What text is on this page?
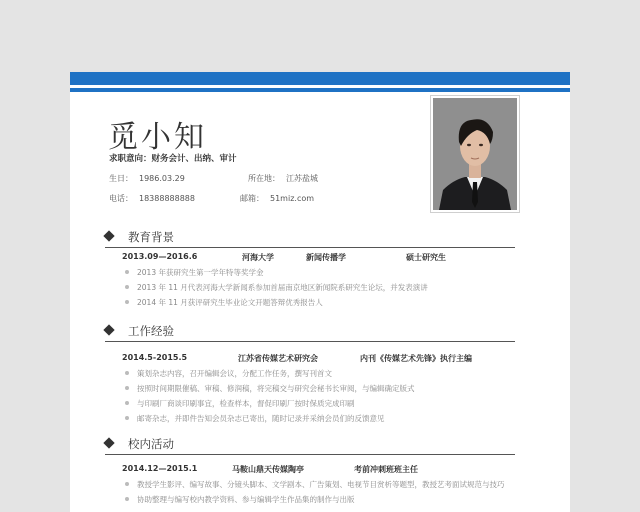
觅小知
求职意向：财务会计、出纳、审计
生日： 1986.03.29	所在地： 江苏盐城
电话： 18388888888	邮箱： 51miz.com
教育背景
2013.09—2016.6	河海大学	新闻传播学	硕士研究生
2013 年获研究生第一学年特等奖学金
2013 年 11 月代表河海大学新闻系参加首届南京地区新闻院系研究生论坛，并发表演讲
2014 年 11 月获评研究生毕业论文开题答辩优秀报告人
工作经验
2014.5-2015.5	江苏省传媒艺术研究会	内刊《传媒艺术先锋》执行主编
策划杂志内容，召开编辑会议，分配工作任务，撰写刊首文
按照时间期限催稿、审稿、修润稿，将完稿交与研究会秘书长审阅，与编辑确定版式
与印刷厂商谈印刷事宜，检查样本，督促印刷厂按时保质完成印刷
邮寄杂志，并即件告知会员杂志已寄出，随时记录并采纳会员们的反馈意见
校内活动
2014.12—2015.1	马鞍山鼎天传媒陶亭	考前冲刺班班主任
教授学生影评、编写故事、分镜头脚本、文学剧本、广告策划、电视节目赏析等题型，教授艺考面试规范与技巧
协助整理与编写校内教学资料、参与编辑学生作品集的制作与出版
